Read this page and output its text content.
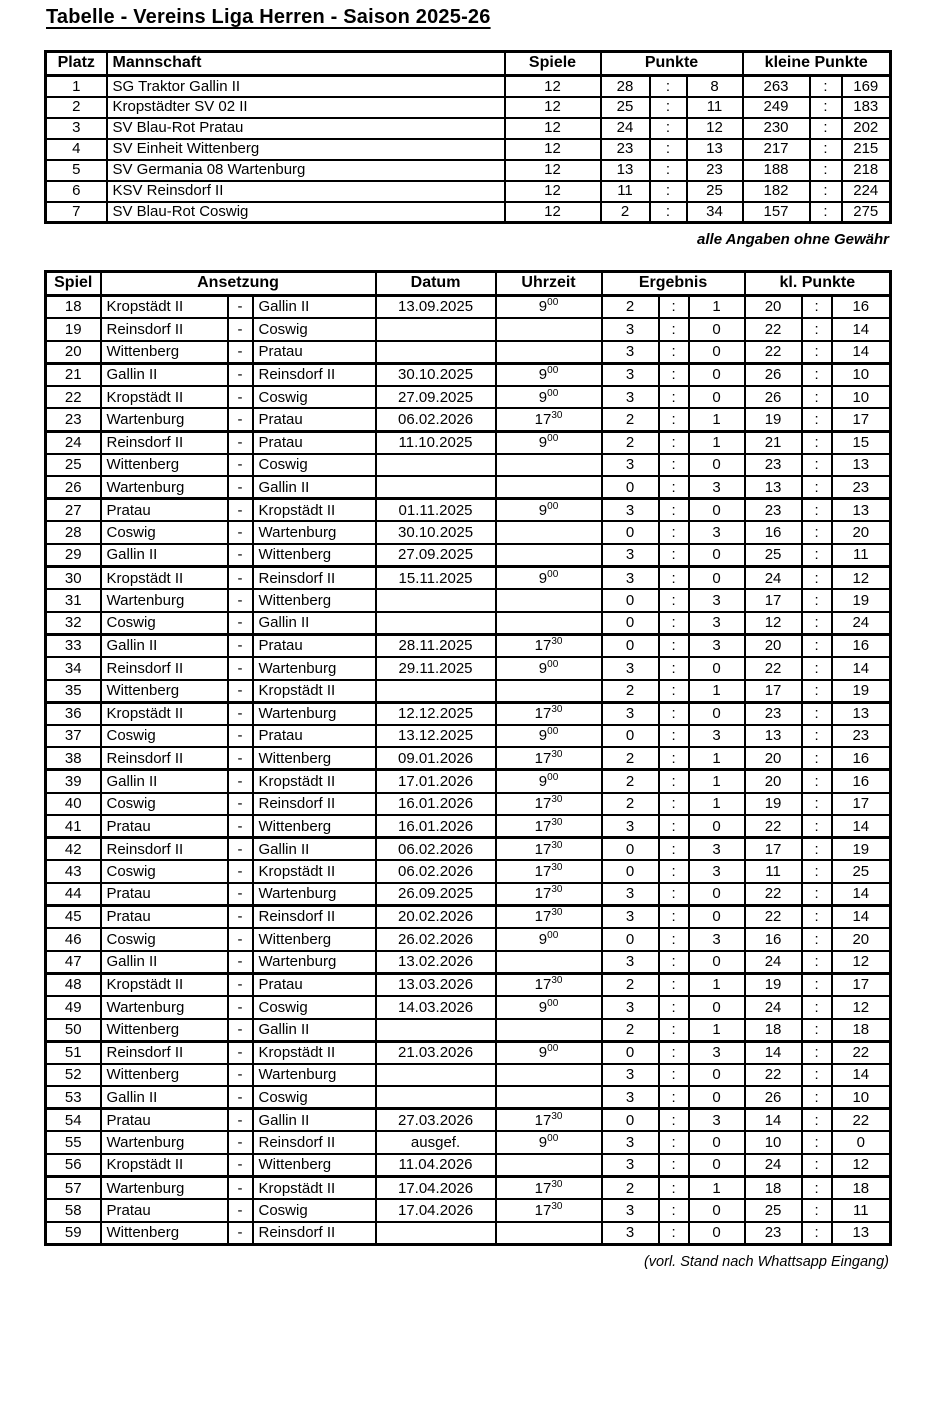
Tabelle - Vereins Liga Herren - Saison 2025-26
Platz	Mannschaft	Spiele	Punkte			kleine Punkte		
1	SG Traktor Gallin II	12	28	:	8	263	:	169
2	Kropstädter SV 02 II	12	25	:	11	249	:	183
3	SV Blau-Rot Pratau	12	24	:	12	230	:	202
4	SV Einheit Wittenberg	12	23	:	13	217	:	215
5	SV Germania 08 Wartenburg	12	13	:	23	188	:	218
6	KSV Reinsdorf II	12	11	:	25	182	:	224
7	SV Blau-Rot Coswig	12	2	:	34	157	:	275
alle Angaben ohne Gewähr
Spiel	Ansetzung			Datum	Uhrzeit	Ergebnis			kl. Punkte		
18	Kropstädt II	-	Gallin II	13.09.2025	$9^{00}$	2	:	1	20	:	16
19	Reinsdorf II	-	Coswig			3	:	0	22	:	14
20	Wittenberg	-	Pratau			3	:	0	22	:	14
21	Gallin II	-	Reinsdorf II	30.10.2025	$9^{00}$	3	:	0	26	:	10
22	Kropstädt II	-	Coswig	27.09.2025	$9^{00}$	3	:	0	26	:	10
23	Wartenburg	-	Pratau	06.02.2026	$17^{30}$	2	:	1	19	:	17
24	Reinsdorf II	-	Pratau	11.10.2025	$9^{00}$	2	:	1	21	:	15
25	Wittenberg	-	Coswig			3	:	0	23	:	13
26	Wartenburg	-	Gallin II			0	:	3	13	:	23
27	Pratau	-	Kropstädt II	01.11.2025	$9^{00}$	3	:	0	23	:	13
28	Coswig	-	Wartenburg	30.10.2025		0	:	3	16	:	20
29	Gallin II	-	Wittenberg	27.09.2025		3	:	0	25	:	11
30	Kropstädt II	-	Reinsdorf II	15.11.2025	$9^{00}$	3	:	0	24	:	12
31	Wartenburg	-	Wittenberg			0	:	3	17	:	19
32	Coswig	-	Gallin II			0	:	3	12	:	24
33	Gallin II	-	Pratau	28.11.2025	$17^{30}$	0	:	3	20	:	16
34	Reinsdorf II	-	Wartenburg	29.11.2025	$9^{00}$	3	:	0	22	:	14
35	Wittenberg	-	Kropstädt II			2	:	1	17	:	19
36	Kropstädt II	-	Wartenburg	12.12.2025	$17^{30}$	3	:	0	23	:	13
37	Coswig	-	Pratau	13.12.2025	$9^{00}$	0	:	3	13	:	23
38	Reinsdorf II	-	Wittenberg	09.01.2026	$17^{30}$	2	:	1	20	:	16
39	Gallin II	-	Kropstädt II	17.01.2026	$9^{00}$	2	:	1	20	:	16
40	Coswig	-	Reinsdorf II	16.01.2026	$17^{30}$	2	:	1	19	:	17
41	Pratau	-	Wittenberg	16.01.2026	$17^{30}$	3	:	0	22	:	14
42	Reinsdorf II	-	Gallin II	06.02.2026	$17^{30}$	0	:	3	17	:	19
43	Coswig	-	Kropstädt II	06.02.2026	$17^{30}$	0	:	3	11	:	25
44	Pratau	-	Wartenburg	26.09.2025	$17^{30}$	3	:	0	22	:	14
45	Pratau	-	Reinsdorf II	20.02.2026	$17^{30}$	3	:	0	22	:	14
46	Coswig	-	Wittenberg	26.02.2026	$9^{00}$	0	:	3	16	:	20
47	Gallin II	-	Wartenburg	13.02.2026		3	:	0	24	:	12
48	Kropstädt II	-	Pratau	13.03.2026	$17^{30}$	2	:	1	19	:	17
49	Wartenburg	-	Coswig	14.03.2026	$9^{00}$	3	:	0	24	:	12
50	Wittenberg	-	Gallin II			2	:	1	18	:	18
51	Reinsdorf II	-	Kropstädt II	21.03.2026	$9^{00}$	0	:	3	14	:	22
52	Wittenberg	-	Wartenburg			3	:	0	22	:	14
53	Gallin II	-	Coswig			3	:	0	26	:	10
54	Pratau	-	Gallin II	27.03.2026	$17^{30}$	0	:	3	14	:	22
55	Wartenburg	-	Reinsdorf II	ausgef.	$9^{00}$	3	:	0	10	:	0
56	Kropstädt II	-	Wittenberg	11.04.2026		3	:	0	24	:	12
57	Wartenburg	-	Kropstädt II	17.04.2026	$17^{30}$	2	:	1	18	:	18
58	Pratau	-	Coswig	17.04.2026	$17^{30}$	3	:	0	25	:	11
59	Wittenberg	-	Reinsdorf II			3	:	0	23	:	13
(vorl. Stand nach Whattsapp Eingang)
